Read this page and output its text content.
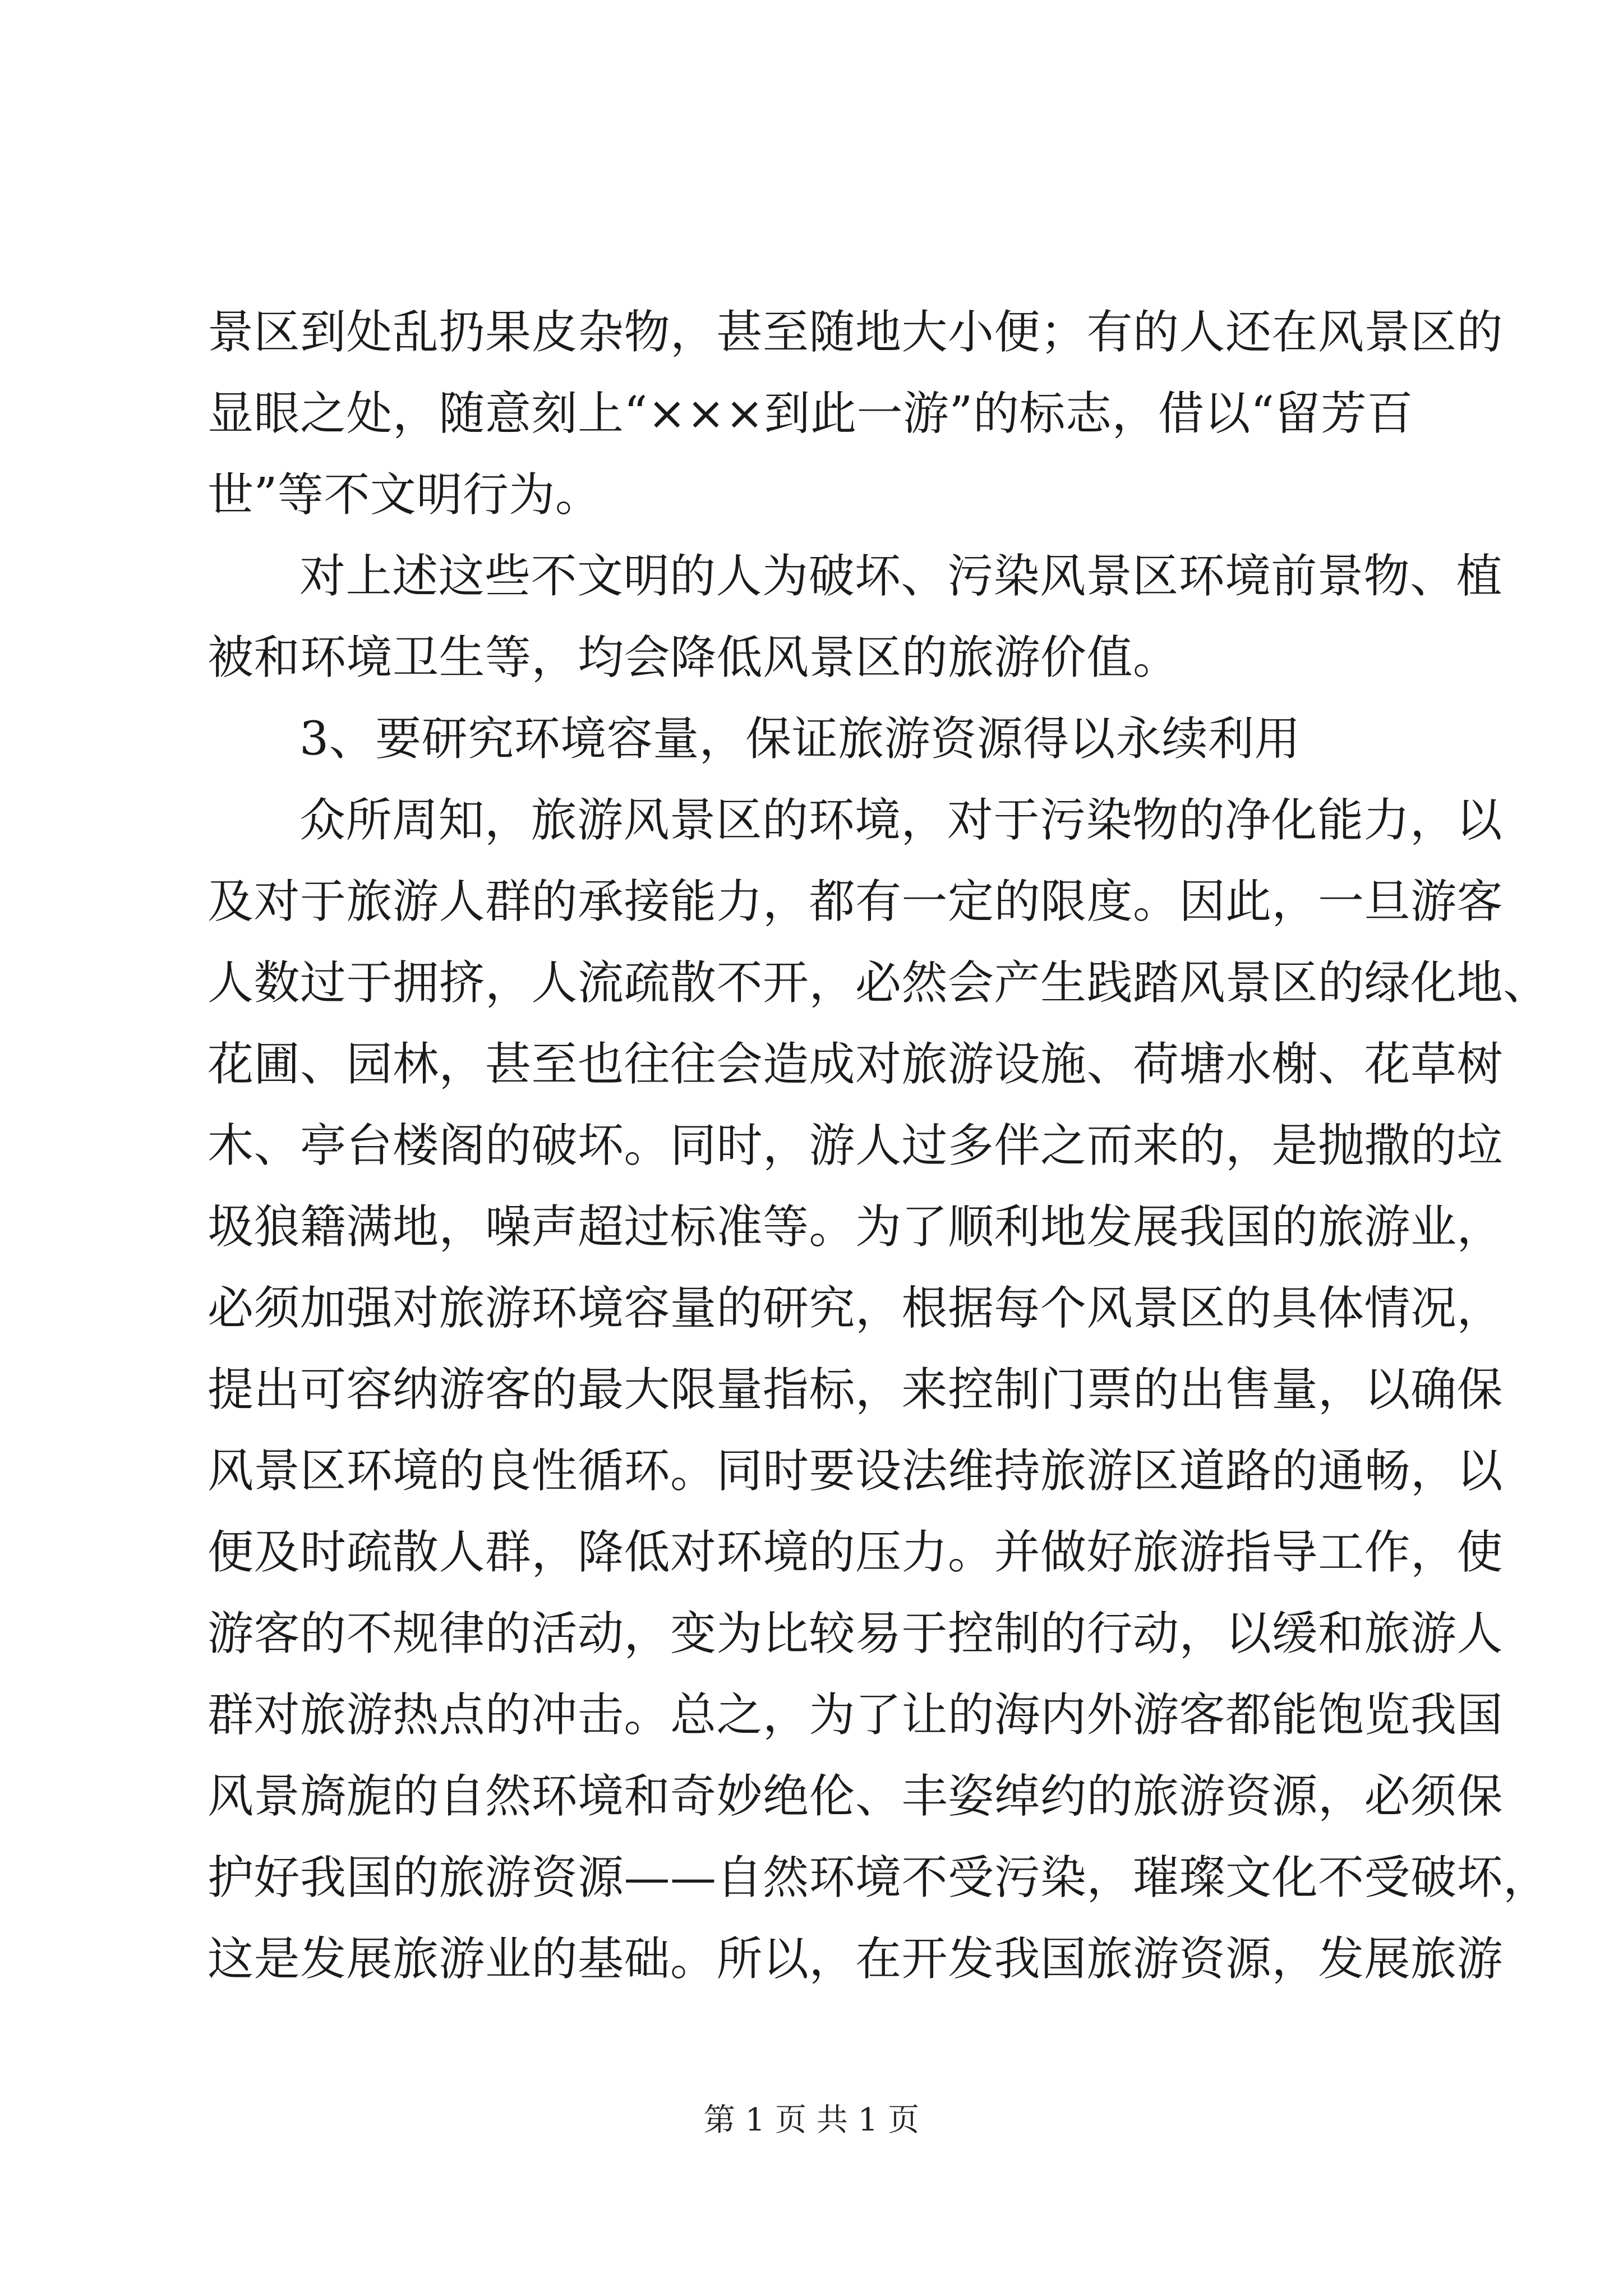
景区到处乱扔果皮杂物，甚至随地大小便；有的人还在风景区的
显眼之处，随意刻上“×××到此一游”的标志，借以“留芳百
世”等不文明行为。
对上述这些不文明的人为破坏、污染风景区环境前景物、植
被和环境卫生等，均会降低风景区的旅游价值。
3、要研究环境容量，保证旅游资源得以永续利用
众所周知，旅游风景区的环境，对于污染物的净化能力，以
及对于旅游人群的承接能力，都有一定的限度。因此，一旦游客
人数过于拥挤，人流疏散不开，必然会产生践踏风景区的绿化地、
花圃、园林，甚至也往往会造成对旅游设施、荷塘水榭、花草树
木、亭台楼阁的破坏。同时，游人过多伴之而来的，是抛撒的垃
圾狼籍满地，噪声超过标准等。为了顺利地发展我国的旅游业，
必须加强对旅游环境容量的研究，根据每个风景区的具体情况，
提出可容纳游客的最大限量指标，来控制门票的出售量，以确保
风景区环境的良性循环。同时要设法维持旅游区道路的通畅，以
便及时疏散人群，降低对环境的压力。并做好旅游指导工作，使
游客的不规律的活动，变为比较易于控制的行动，以缓和旅游人
群对旅游热点的冲击。总之，为了让的海内外游客都能饱览我国
风景旖旎的自然环境和奇妙绝伦、丰姿绰约的旅游资源，必须保
护好我国的旅游资源——自然环境不受污染，璀璨文化不受破坏，
这是发展旅游业的基础。所以，在开发我国旅游资源，发展旅游
第 1 页 共 1 页
